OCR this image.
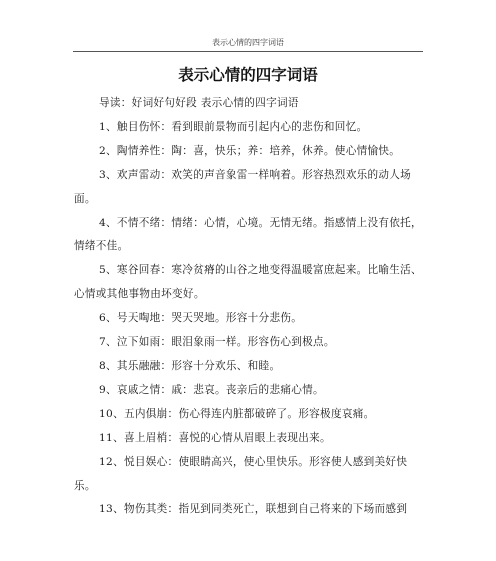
表示心情的四字词语
表示心情的四字词语

导读：好词好句好段 表示心情的四字词语

1、触目伤怀：看到眼前景物而引起内心的悲伤和回忆。

2、陶情养性：陶：喜，快乐；养：培养，休养。使心情愉快。

3、欢声雷动：欢笑的声音象雷一样响着。形容热烈欢乐的动人场面。

4、不情不绪：情绪：心情，心境。无情无绪。指感情上没有依托，情绪不佳。

5、寒谷回春：寒冷贫瘠的山谷之地变得温暖富庶起来。比喻生活、心情或其他事物由坏变好。

6、号天啕地：哭天哭地。形容十分悲伤。

7、泣下如雨：眼泪象雨一样。形容伤心到极点。

8、其乐融融：形容十分欢乐、和睦。

9、哀戚之情：戚：悲哀。丧亲后的悲痛心情。

10、五内俱崩：伤心得连内脏都破碎了。形容极度哀痛。

11、喜上眉梢：喜悦的心情从眉眼上表现出来。

12、悦目娱心：使眼睛高兴，使心里快乐。形容使人感到美好快乐。

13、物伤其类：指见到同类死亡，联想到自己将来的下场而感到
